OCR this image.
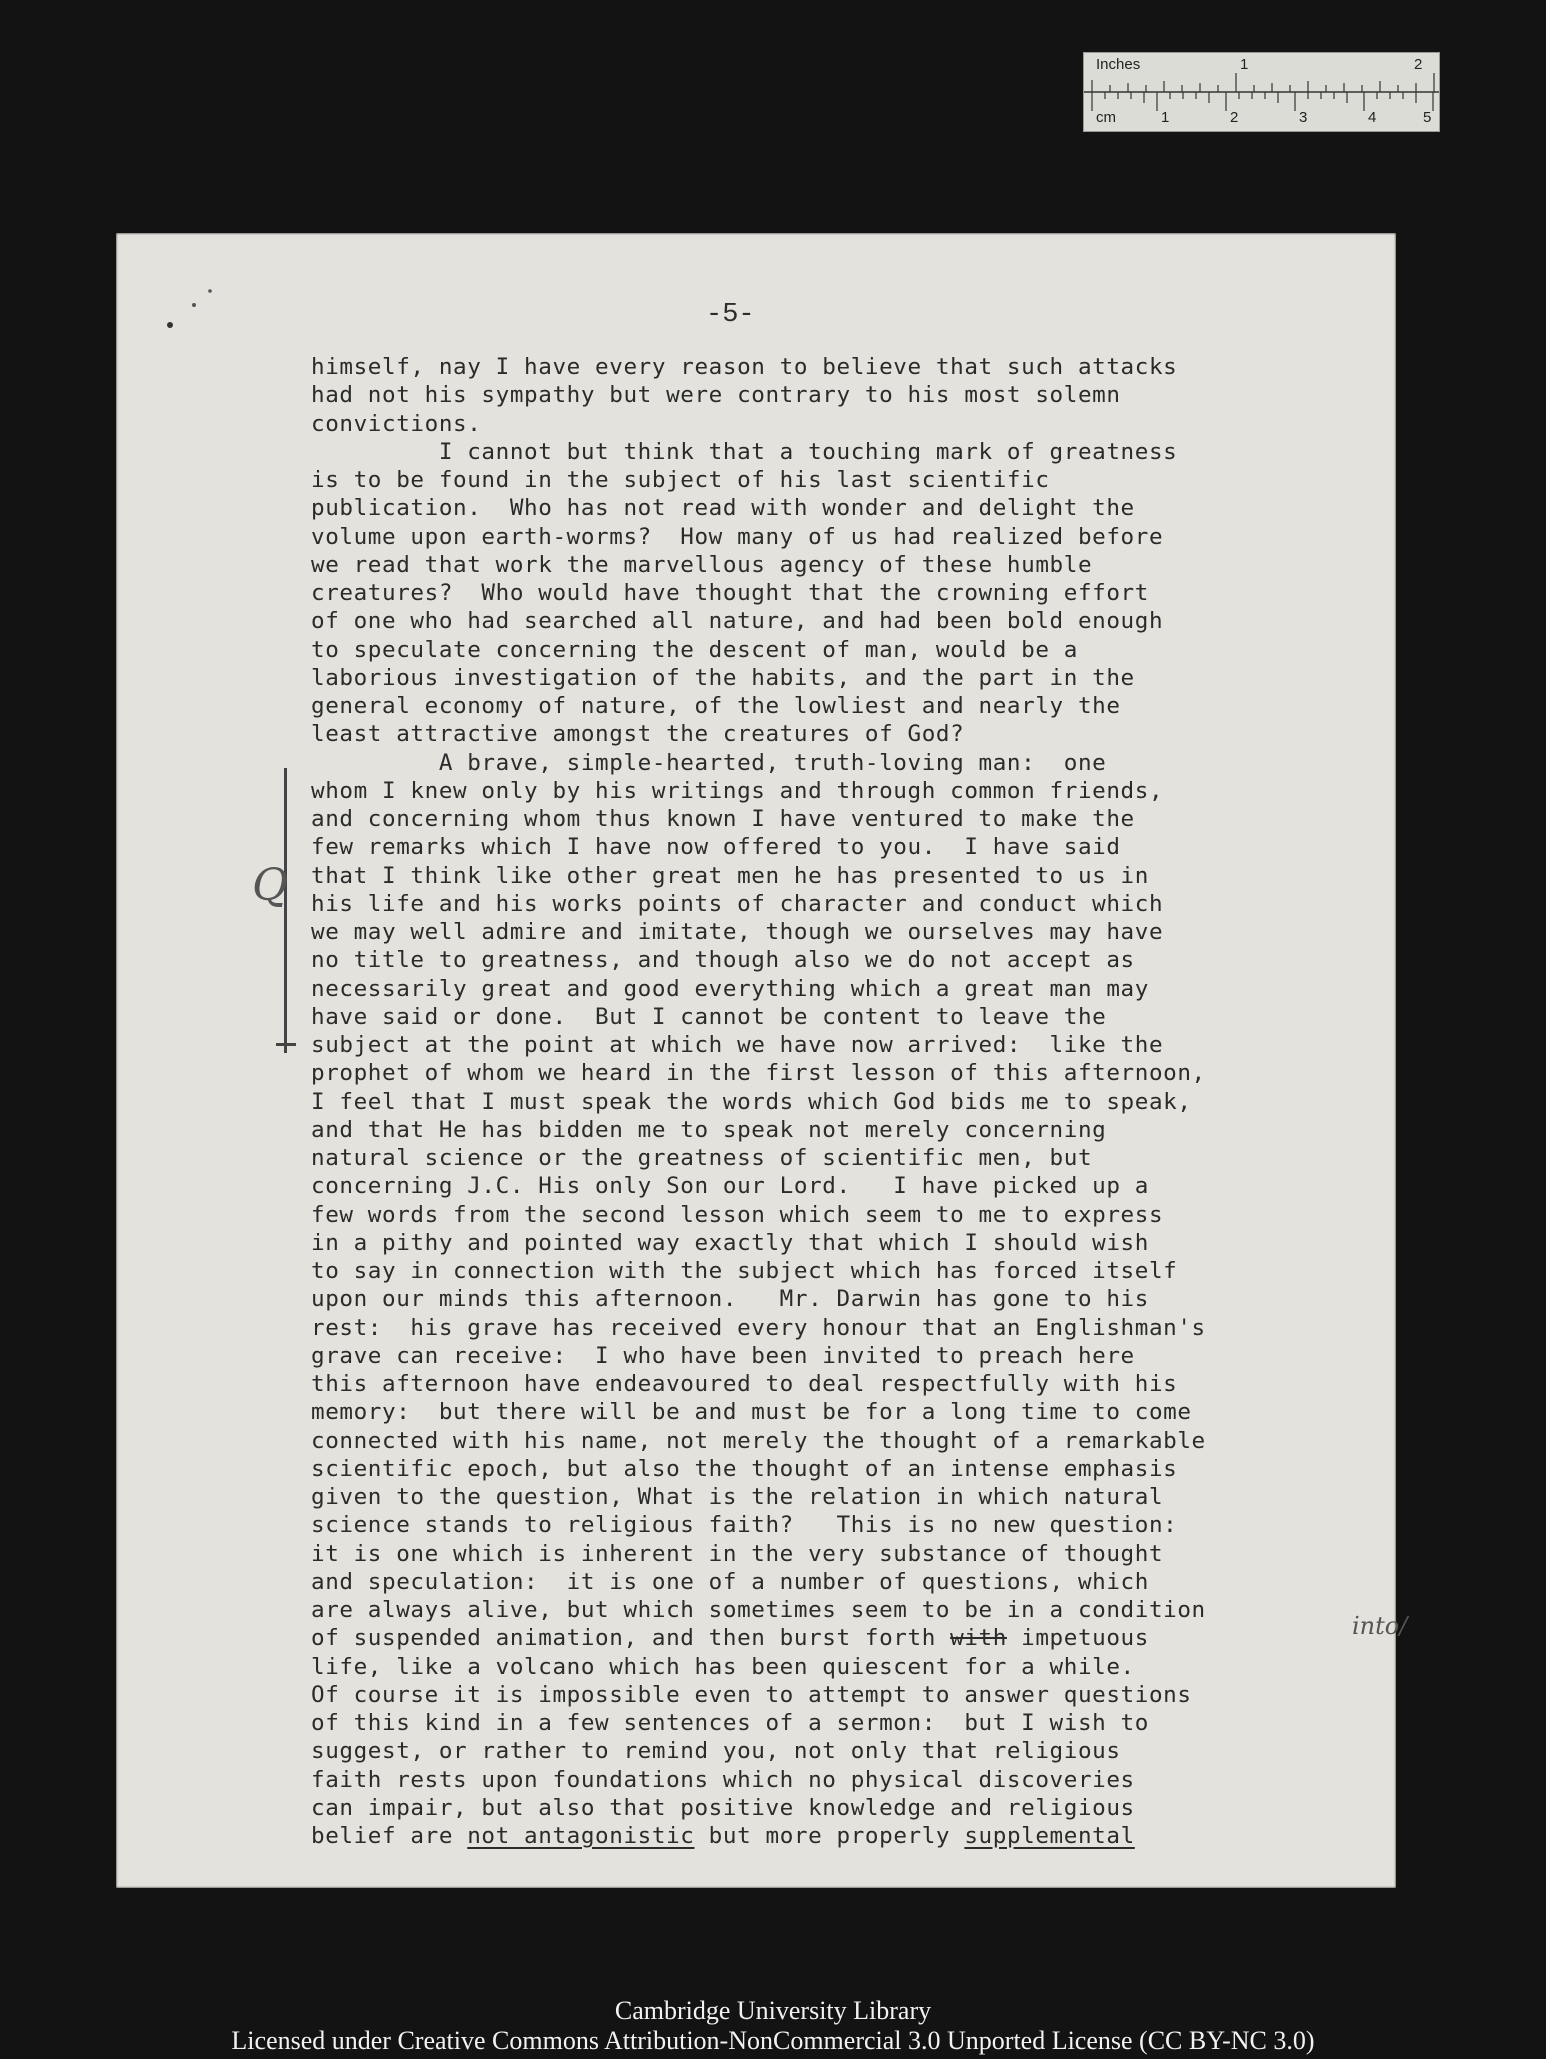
Inches	1	2
cm	1	2	3	4	5
-5-
Q
into/
himself, nay I have every reason to believe that such attacks
had not his sympathy but were contrary to his most solemn
convictions.
I cannot but think that a touching mark of greatness
is to be found in the subject of his last scientific
publication.  Who has not read with wonder and delight the
volume upon earth-worms?  How many of us had realized before
we read that work the marvellous agency of these humble
creatures?  Who would have thought that the crowning effort
of one who had searched all nature, and had been bold enough
to speculate concerning the descent of man, would be a
laborious investigation of the habits, and the part in the
general economy of nature, of the lowliest and nearly the
least attractive amongst the creatures of God?
A brave, simple-hearted, truth-loving man:  one
whom I knew only by his writings and through common friends,
and concerning whom thus known I have ventured to make the
few remarks which I have now offered to you.  I have said
that I think like other great men he has presented to us in
his life and his works points of character and conduct which
we may well admire and imitate, though we ourselves may have
no title to greatness, and though also we do not accept as
necessarily great and good everything which a great man may
have said or done.  But I cannot be content to leave the
subject at the point at which we have now arrived:  like the
prophet of whom we heard in the first lesson of this afternoon,
I feel that I must speak the words which God bids me to speak,
and that He has bidden me to speak not merely concerning
natural science or the greatness of scientific men, but
concerning J.C. His only Son our Lord.   I have picked up a
few words from the second lesson which seem to me to express
in a pithy and pointed way exactly that which I should wish
to say in connection with the subject which has forced itself
upon our minds this afternoon.   Mr. Darwin has gone to his
rest:  his grave has received every honour that an Englishman's
grave can receive:  I who have been invited to preach here
this afternoon have endeavoured to deal respectfully with his
memory:  but there will be and must be for a long time to come
connected with his name, not merely the thought of a remarkable
scientific epoch, but also the thought of an intense emphasis
given to the question, What is the relation in which natural
science stands to religious faith?   This is no new question:
it is one which is inherent in the very substance of thought
and speculation:  it is one of a number of questions, which
are always alive, but which sometimes seem to be in a condition
of suspended animation, and then burst forth with impetuous
life, like a volcano which has been quiescent for a while.
Of course it is impossible even to attempt to answer questions
of this kind in a few sentences of a sermon:  but I wish to
suggest, or rather to remind you, not only that religious
faith rests upon foundations which no physical discoveries
can impair, but also that positive knowledge and religious
belief are not antagonistic but more properly supplemental
Cambridge University Library
Licensed under Creative Commons Attribution-NonCommercial 3.0 Unported License (CC BY-NC 3.0)
